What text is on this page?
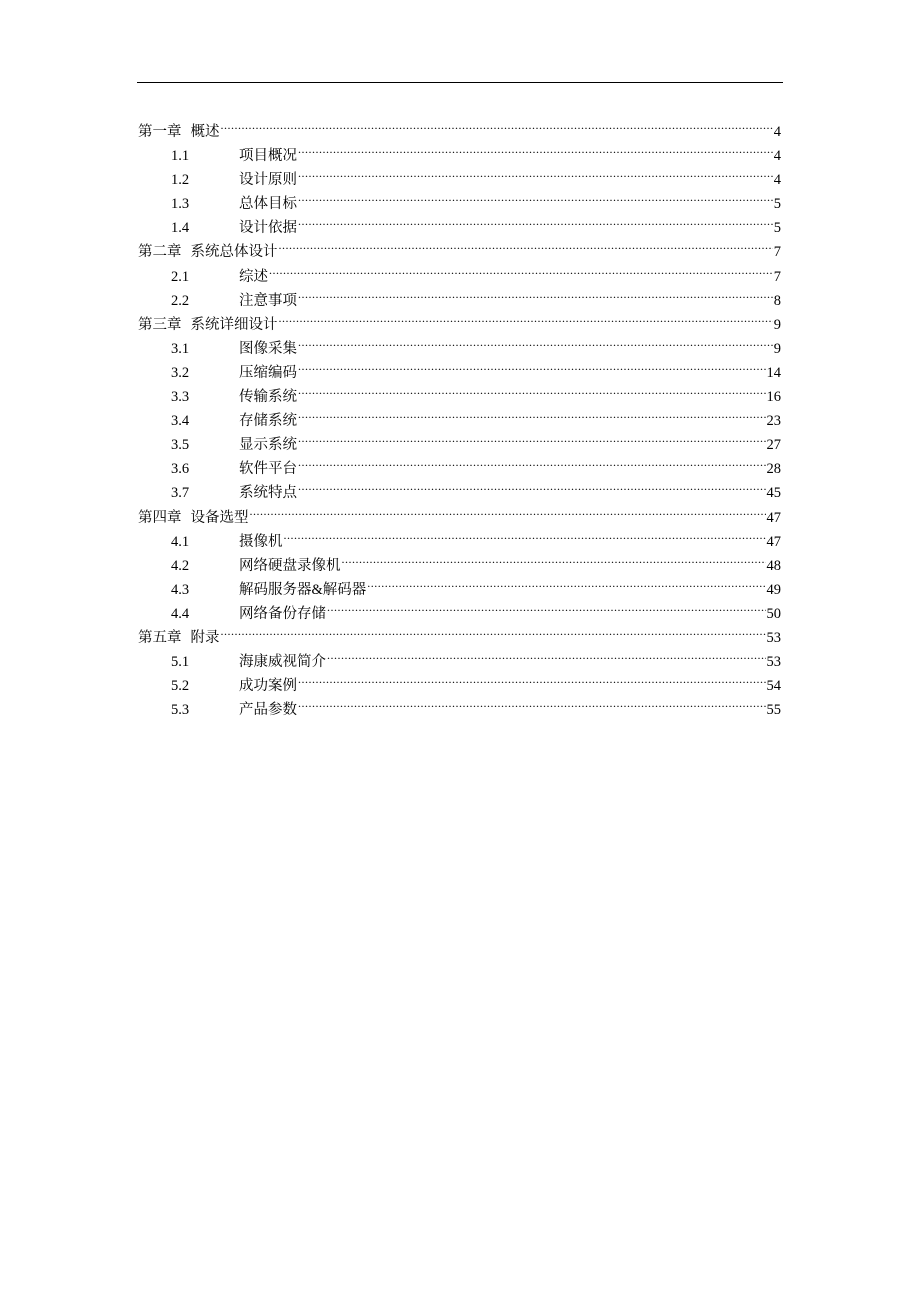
第一章 概述 .....	4
1.1	项目概况 .....	4
1.2	设计原则 .....	4
1.3	总体目标 .....	5
1.4	设计依据 .....	5
第二章 系统总体设计 .....	7
2.1	综述 .....	7
2.2	注意事项 .....	8
第三章 系统详细设计 .....	9
3.1	图像采集 .....	9
3.2	压缩编码 .....	14
3.3	传输系统 .....	16
3.4	存储系统 .....	23
3.5	显示系统 .....	27
3.6	软件平台 .....	28
3.7	系统特点 .....	45
第四章 设备选型 .....	47
4.1	摄像机 .....	47
4.2	网络硬盘录像机 .....	48
4.3	解码服务器&解码器 .....	49
4.4	网络备份存储 .....	50
第五章 附录 .....	53
5.1	海康威视简介 .....	53
5.2	成功案例 .....	54
5.3	产品参数 .....	55
